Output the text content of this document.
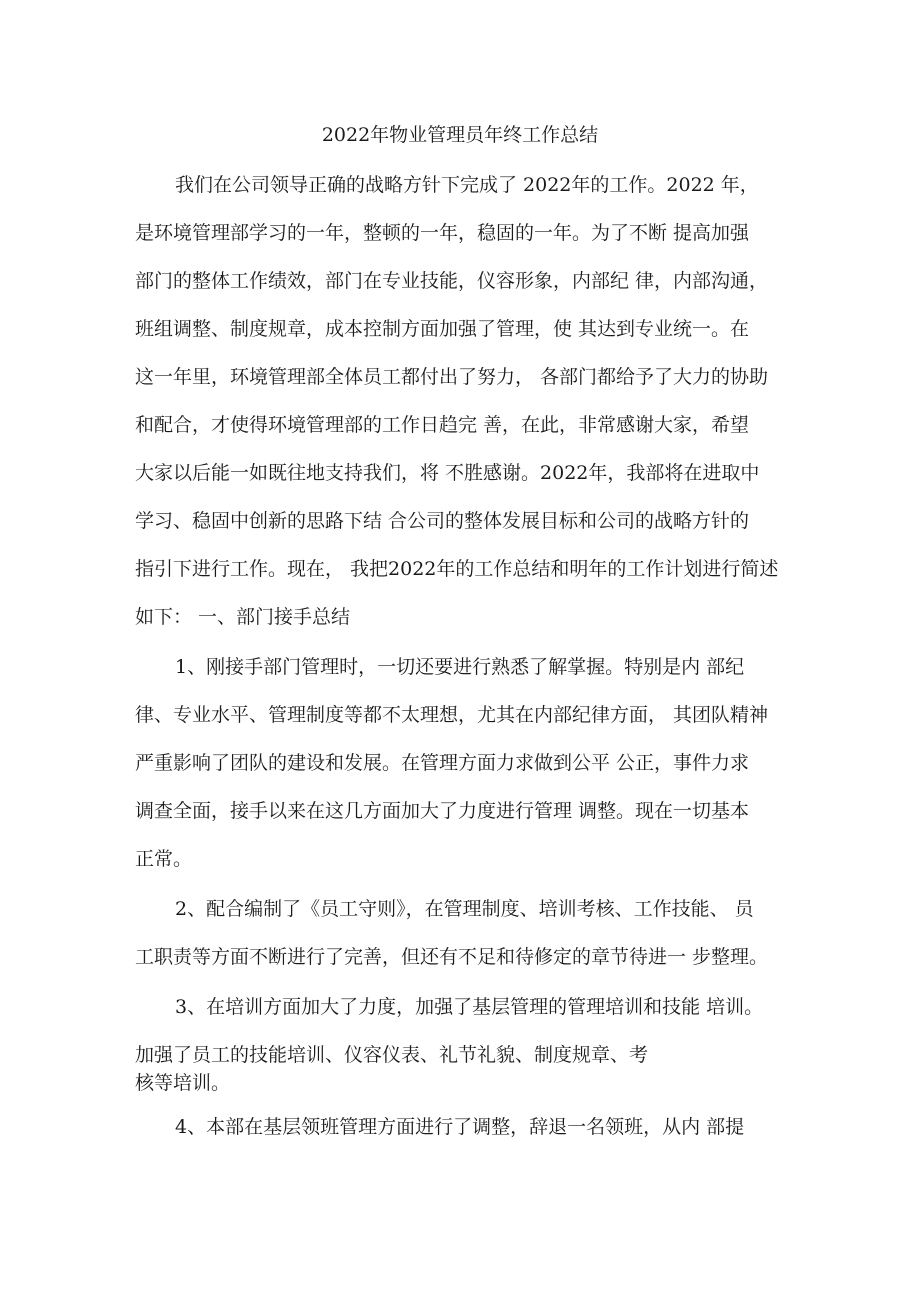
2022年物业管理员年终工作总结

我们在公司领导正确的战略方针下完成了 2022年的工作。2022 年，

是环境管理部学习的一年，整顿的一年，稳固的一年。为了不断 提高加强

部门的整体工作绩效，部门在专业技能，仪容形象，内部纪 律，内部沟通，

班组调整、制度规章，成本控制方面加强了管理，使 其达到专业统一。在

这一年里，环境管理部全体员工都付出了努力， 各部门都给予了大力的协助

和配合，才使得环境管理部的工作日趋完 善，在此，非常感谢大家，希望

大家以后能一如既往地支持我们，将 不胜感谢。2022年，我部将在进取中

学习、稳固中创新的思路下结 合公司的整体发展目标和公司的战略方针的

指引下进行工作。现在， 我把2022年的工作总结和明年的工作计划进行简述

如下： 一、部门接手总结

1、刚接手部门管理时，一切还要进行熟悉了解掌握。特别是内 部纪

律、专业水平、管理制度等都不太理想，尤其在内部纪律方面， 其团队精神

严重影响了团队的建设和发展。在管理方面力求做到公平 公正，事件力求

调查全面，接手以来在这几方面加大了力度进行管理 调整。现在一切基本

正常。

2、配合编制了《员工守则》，在管理制度、培训考核、工作技能、 员

工职责等方面不断进行了完善，但还有不足和待修定的章节待进一 步整理。

3、在培训方面加大了力度，加强了基层管理的管理培训和技能 培训。

加强了员工的技能培训、仪容仪表、礼节礼貌、制度规章、考

核等培训。

4、本部在基层领班管理方面进行了调整，辞退一名领班，从内 部提
